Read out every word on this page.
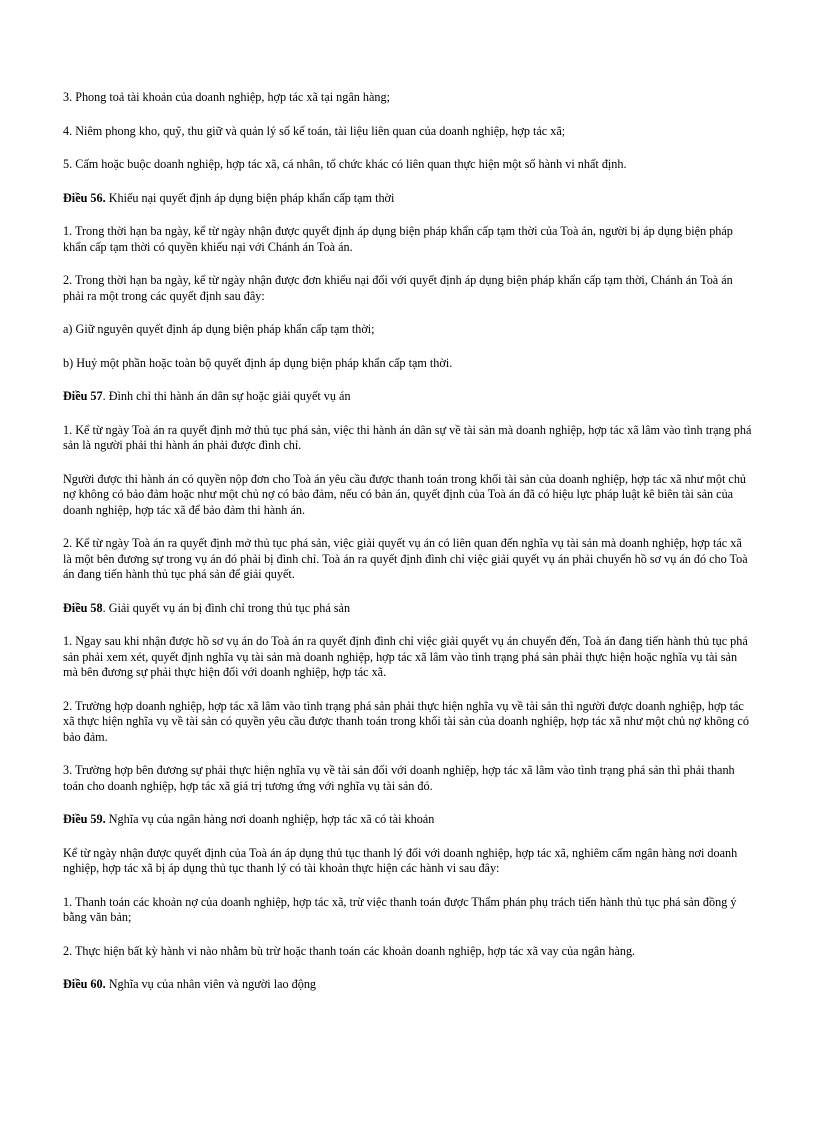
3. Phong toả tài khoản của doanh nghiệp, hợp tác xã tại ngân hàng;

4. Niêm phong kho, quỹ, thu giữ và quản lý sổ kế toán, tài liệu liên quan của doanh nghiệp, hợp tác xã;

5. Cấm hoặc buộc doanh nghiệp, hợp tác xã, cá nhân, tổ chức khác có liên quan thực hiện một số hành vi nhất định.

Điều 56. Khiếu nại quyết định áp dụng biện pháp khẩn cấp tạm thời

1. Trong thời hạn ba ngày, kể từ ngày nhận được quyết định áp dụng biện pháp khẩn cấp tạm thời của Toà án, người bị áp dụng biện pháp khẩn cấp tạm thời có quyền khiếu nại với Chánh án Toà án.

2. Trong thời hạn ba ngày, kể từ ngày nhận được đơn khiếu nại đối với quyết định áp dụng biện pháp khẩn cấp tạm thời, Chánh án Toà án phải ra một trong các quyết định sau đây:

a) Giữ nguyên quyết định áp dụng biện pháp khẩn cấp tạm thời;

b) Huỷ một phần hoặc toàn bộ quyết định áp dụng biện pháp khẩn cấp tạm thời.

Điều 57. Đình chỉ thi hành án dân sự hoặc giải quyết vụ án

1. Kể từ ngày Toà án ra quyết định mở thủ tục phá sản, việc thi hành án dân sự về tài sản mà doanh nghiệp, hợp tác xã lâm vào tình trạng phá sản là người phải thi hành án phải được đình chỉ.

Người được thi hành án có quyền nộp đơn cho Toà án yêu cầu được thanh toán trong khối tài sản của doanh nghiệp, hợp tác xã như một chủ nợ không có bảo đảm hoặc như một chủ nợ có bảo đảm, nếu có bản án, quyết định của Toà án đã có hiệu lực pháp luật kê biên tài sản của doanh nghiệp, hợp tác xã để bảo đảm thi hành án.

2. Kể từ ngày Toà án ra quyết định mở thủ tục phá sản, việc giải quyết vụ án có liên quan đến nghĩa vụ tài sản mà doanh nghiệp, hợp tác xã là một bên đương sự trong vụ án đó phải bị đình chỉ. Toà án ra quyết định đình chỉ việc giải quyết vụ án phải chuyển hồ sơ vụ án đó cho Toà án đang tiến hành thủ tục phá sản để giải quyết.

Điều 58. Giải quyết vụ án bị đình chỉ trong thủ tục phá sản

1. Ngay sau khi nhận được hồ sơ vụ án do Toà án ra quyết định đình chỉ việc giải quyết vụ án chuyển đến, Toà án đang tiến hành thủ tục phá sản phải xem xét, quyết định nghĩa vụ tài sản mà doanh nghiệp, hợp tác xã lâm vào tình trạng phá sản phải thực hiện hoặc nghĩa vụ tài sản mà bên đương sự phải thực hiện đối với doanh nghiệp, hợp tác xã.

2. Trường hợp doanh nghiệp, hợp tác xã lâm vào tình trạng phá sản phải thực hiện nghĩa vụ về tài sản thì người được doanh nghiệp, hợp tác xã thực hiện nghĩa vụ về tài sản có quyền yêu cầu được thanh toán trong khối tài sản của doanh nghiệp, hợp tác xã như một chủ nợ không có bảo đảm.

3. Trường hợp bên đương sự phải thực hiện nghĩa vụ về tài sản đối với doanh nghiệp, hợp tác xã lâm vào tình trạng phá sản thì phải thanh toán cho doanh nghiệp, hợp tác xã giá trị tương ứng với nghĩa vụ tài sản đó.

Điều 59. Nghĩa vụ của ngân hàng nơi doanh nghiệp, hợp tác xã có tài khoản

Kể từ ngày nhận được quyết định của Toà án áp dụng thủ tục thanh lý đối với doanh nghiệp, hợp tác xã, nghiêm cấm ngân hàng nơi doanh nghiệp, hợp tác xã bị áp dụng thủ tục thanh lý có tài khoản thực hiện các hành vi sau đây:

1. Thanh toán các khoản nợ của doanh nghiệp, hợp tác xã, trừ việc thanh toán được Thẩm phán phụ trách tiến hành thủ tục phá sản đồng ý bằng văn bản;

2. Thực hiện bất kỳ hành vi nào nhằm bù trừ hoặc thanh toán các khoản doanh nghiệp, hợp tác xã vay của ngân hàng.

Điều 60. Nghĩa vụ của nhân viên và người lao động
